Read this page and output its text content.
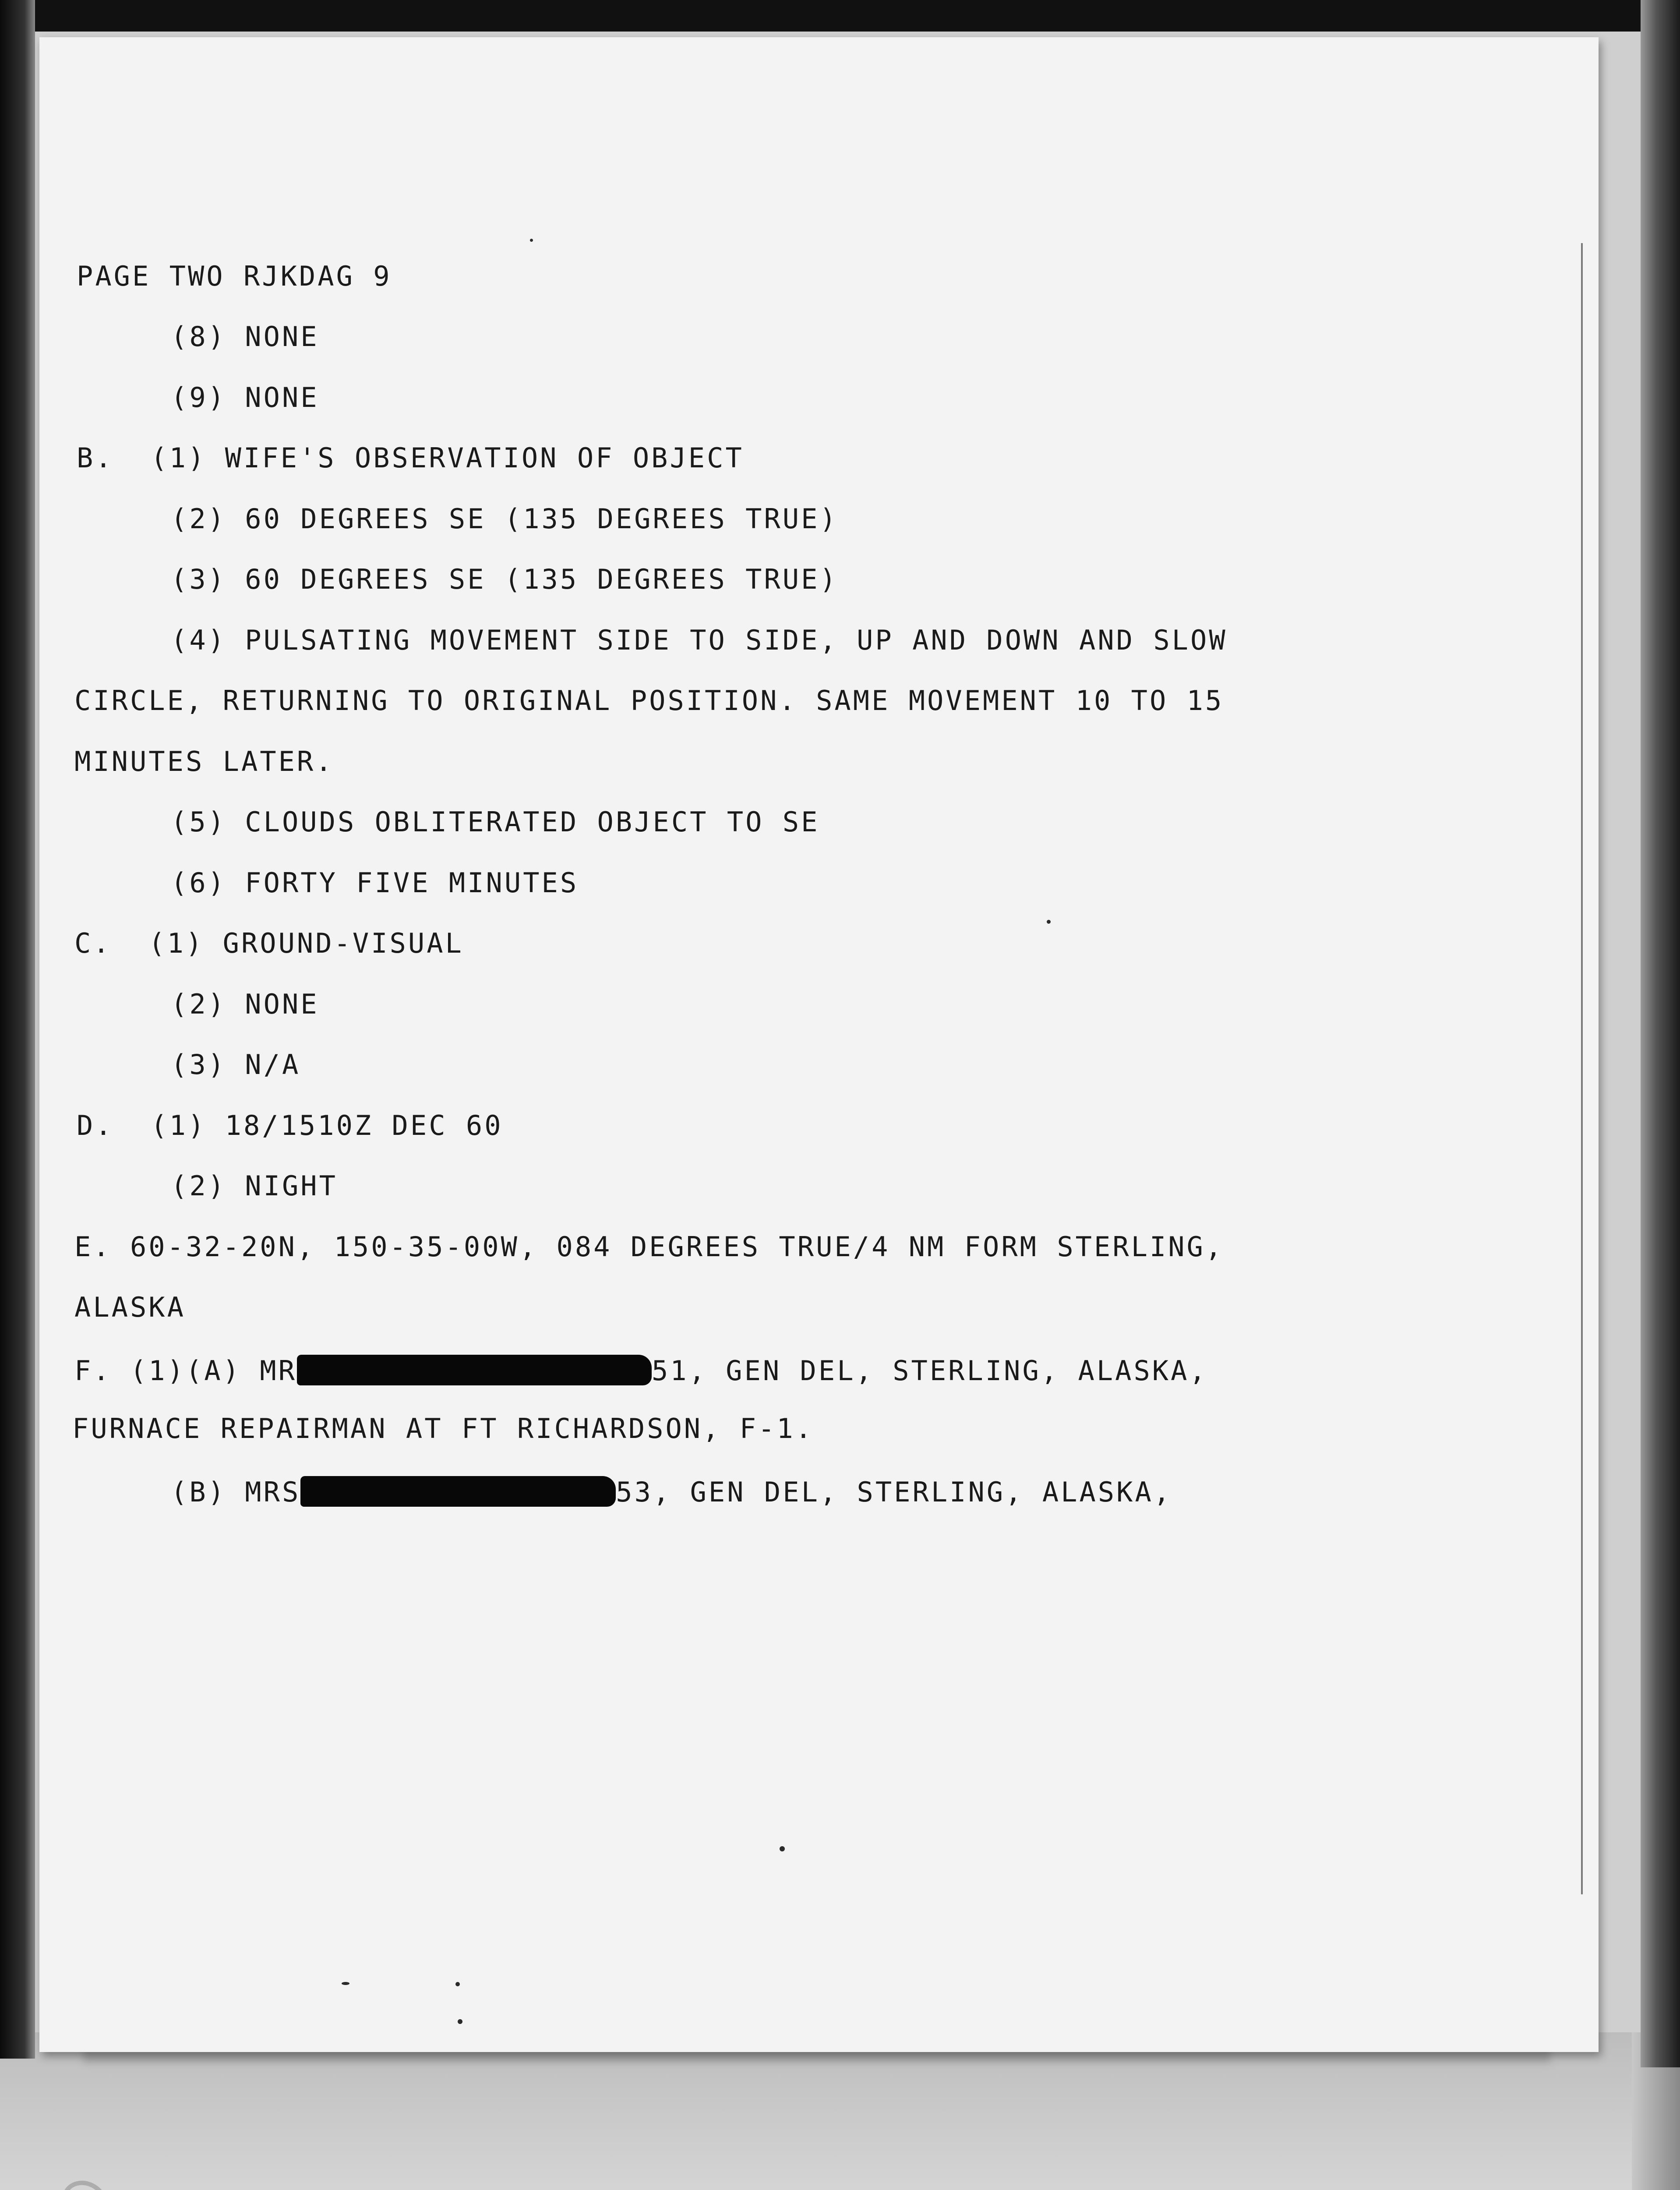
PAGE TWO RJKDAG 9

(8) NONE

(9) NONE

B.  (1) WIFE'S OBSERVATION OF OBJECT

(2) 60 DEGREES SE (135 DEGREES TRUE)

(3) 60 DEGREES SE (135 DEGREES TRUE)

(4) PULSATING MOVEMENT SIDE TO SIDE, UP AND DOWN AND SLOW

CIRCLE, RETURNING TO ORIGINAL POSITION. SAME MOVEMENT 10 TO 15

MINUTES LATER.

(5) CLOUDS OBLITERATED OBJECT TO SE

(6) FORTY FIVE MINUTES

C.  (1) GROUND-VISUAL

(2) NONE

(3) N/A

D.  (1) 18/1510Z DEC 60

(2) NIGHT

E. 60-32-20N, 150-35-00W, 084 DEGREES TRUE/4 NM FORM STERLING,

ALASKA

F. (1)(A) MR	51, GEN DEL, STERLING, ALASKA,

FURNACE REPAIRMAN AT FT RICHARDSON, F-1.

(B) MRS	53, GEN DEL, STERLING, ALASKA,
